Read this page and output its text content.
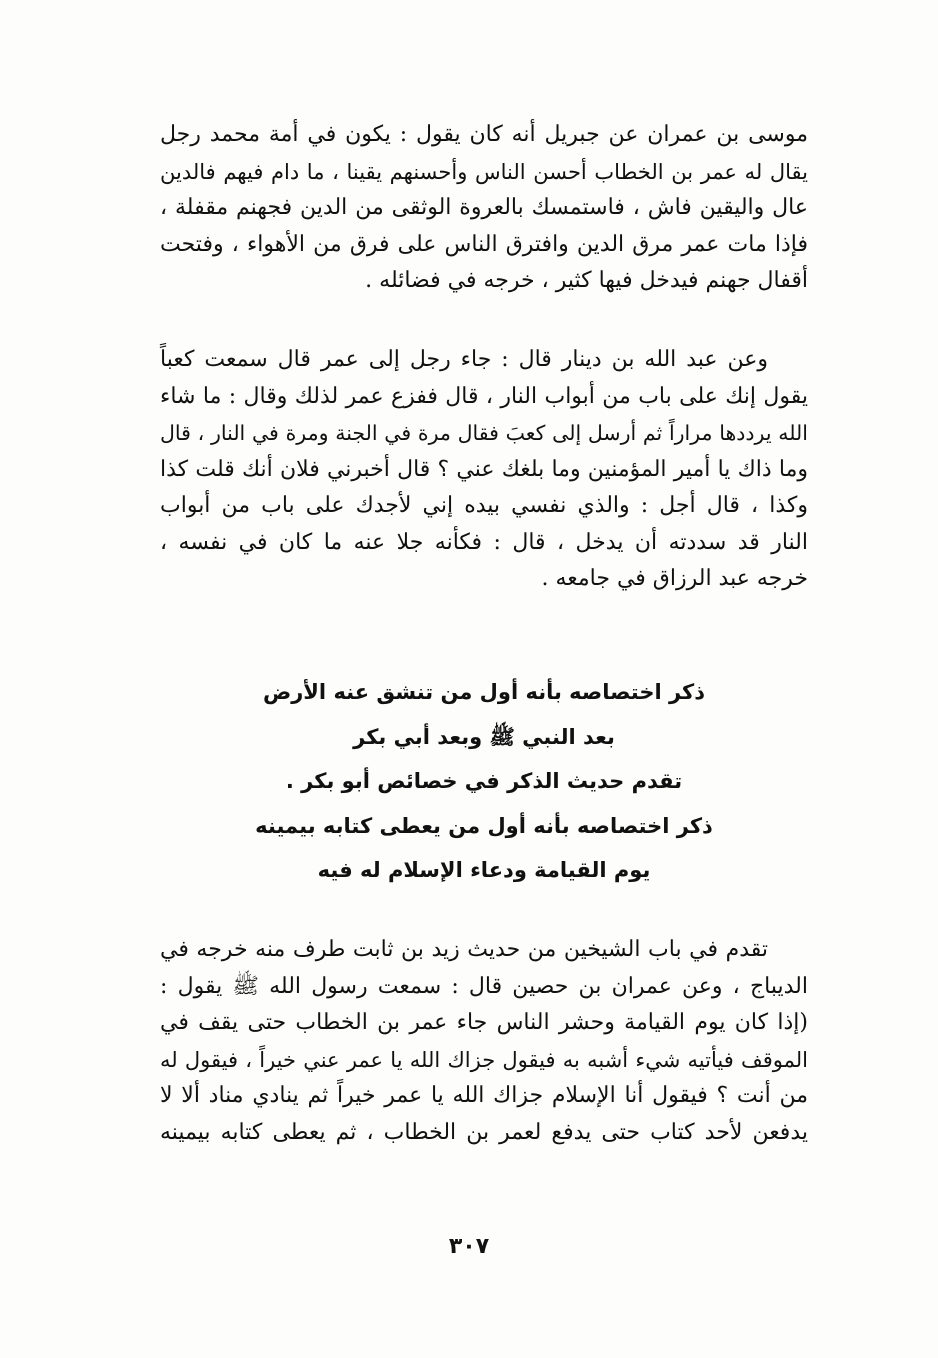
موسى بن عمران عن جبريل أنه كان يقول : يكون في أمة محمد رجل

يقال له عمر بن الخطاب أحسن الناس وأحسنهم يقينا ، ما دام فيهم فالدين

عال واليقين فاش ، فاستمسك بالعروة الوثقى من الدين فجهنم مقفلة ،

فإذا مات عمر مرق الدين وافترق الناس على فرق من الأهواء ، وفتحت

أقفال جهنم فيدخل فيها كثير ، خرجه في فضائله .

وعن عبد الله بن دينار قال : جاء رجل إلى عمر قال سمعت كعباً

يقول إنك على باب من أبواب النار ، قال ففزع عمر لذلك وقال : ما شاء

الله يرددها مراراً ثم أرسل إلى كعبَ فقال مرة في الجنة ومرة في النار ، قال

وما ذاك يا أمير المؤمنين وما بلغك عني ؟ قال أخبرني فلان أنك قلت كذا

وكذا ، قال أجل : والذي نفسي بيده إني لأجدك على باب من أبواب

النار قد سددته أن يدخل ، قال : فكأنه جلا عنه ما كان في نفسه ،

خرجه عبد الرزاق في جامعه .

ذكر اختصاصه بأنه أول من تنشق عنه الأرض

بعد النبي ﷺ وبعد أبي بكر

تقدم حديث الذكر في خصائص أبو بكر .

ذكر اختصاصه بأنه أول من يعطى كتابه بيمينه

يوم القيامة ودعاء الإسلام له فيه

تقدم في باب الشيخين من حديث زيد بن ثابت طرف منه خرجه في

الديباج ، وعن عمران بن حصين قال : سمعت رسول الله ﷺ يقول :

(إذا كان يوم القيامة وحشر الناس جاء عمر بن الخطاب حتى يقف في

الموقف فيأتيه شيء أشبه به فيقول جزاك الله يا عمر عني خيراً ، فيقول له

من أنت ؟ فيقول أنا الإسلام جزاك الله يا عمر خيراً ثم ينادي مناد ألا لا

يدفعن لأحد كتاب حتى يدفع لعمر بن الخطاب ، ثم يعطى كتابه بيمينه

٣٠٧
